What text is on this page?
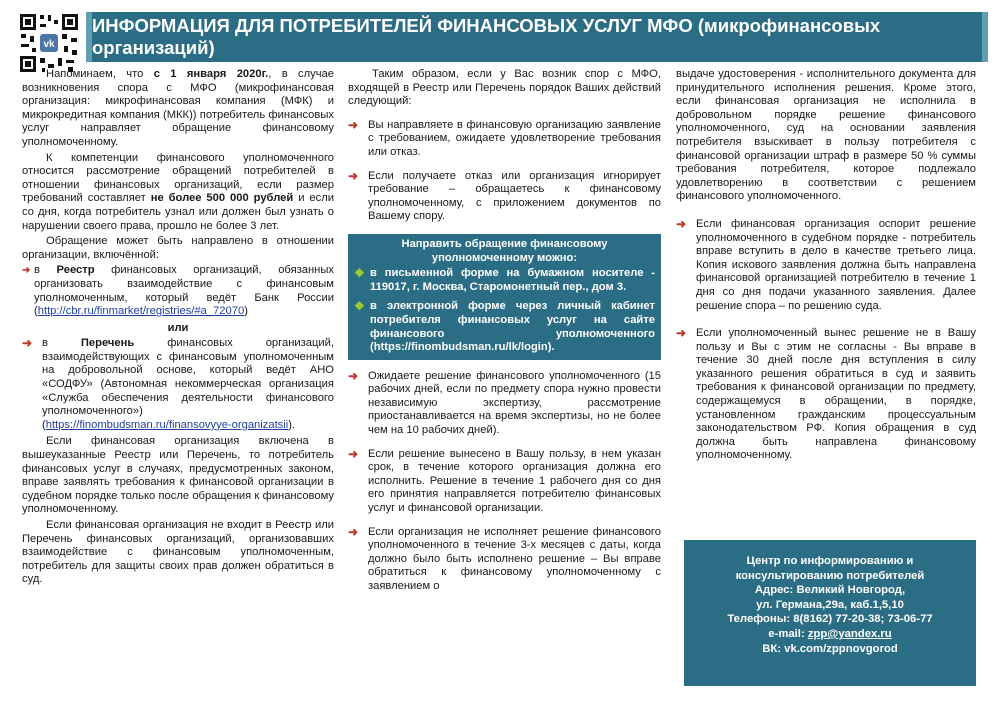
vk
ИНФОРМАЦИЯ ДЛЯ ПОТРЕБИТЕЛЕЙ ФИНАНСОВЫХ УСЛУГ МФО (микрофинансовых организаций)

Напоминаем, что с 1 января 2020г., в случае возникновения спора с МФО (микрофинансовая организация: микрофинансовая компания (МФК) и микрокредитная компания (МКК)) потребитель финансовых услуг направляет обращение финансовому уполномоченному.

К компетенции финансового уполномоченного относится рассмотрение обращений потребителей в отношении финансовых организаций, если размер требований составляет не более 500 000 рублей и если со дня, когда потребитель узнал или должен был узнать о нарушении своего права, прошло не более 3 лет.

Обращение может быть направлено в отношении организации, включённой:

➜ в Реестр финансовых организаций, обязанных организовать взаимодействие с финансовым уполномоченным, который ведёт Банк России (http://cbr.ru/finmarket/registries/#a_72070)

или

➜ в Перечень финансовых организаций, взаимодействующих с финансовым уполномоченным на добровольной основе, который ведёт АНО «СОДФУ» (Автономная некоммерческая организация «Служба обеспечения деятельности финансового уполномоченного») (https://finombudsman.ru/finansovyye-organizatsii).

Если финансовая организация включена в вышеуказанные Реестр или Перечень, то потребитель финансовых услуг в случаях, предусмотренных законом, вправе заявлять требования к финансовой организации в судебном порядке только после обращения к финансовому уполномоченному.

Если финансовая организация не входит в Реестр или Перечень финансовых организаций, организовавших взаимодействие с финансовым уполномоченным, потребитель для защиты своих прав должен обратиться в суд.

Таким образом, если у Вас возник спор с МФО, входящей в Реестр или Перечень порядок Ваших действий следующий:

➜ Вы направляете в финансовую организацию заявление с требованием, ожидаете удовлетворение требования или отказ.
➜ Если получаете отказ или организация игнорирует требование – обращаетесь к финансовому уполномоченному, с приложением документов по Вашему спору.
Направить обращение финансовому уполномоченному можно:
❖ в письменной форме на бумажном носителе - 119017, г. Москва, Старомонетный пер., дом 3.
❖ в электронной форме через личный кабинет потребителя финансовых услуг на сайте финансового уполномоченного (https://finombudsman.ru/lk/login).
➜ Ожидаете решение финансового уполномоченного (15 рабочих дней, если по предмету спора нужно провести независимую экспертизу, рассмотрение приостанавливается на время экспертизы, но не более чем на 10 рабочих дней).
➜ Если решение вынесено в Вашу пользу, в нем указан срок, в течение которого организация должна его исполнить. Решение в течение 1 рабочего дня со дня его принятия направляется потребителю финансовых услуг и финансовой организации.
➜ Если организация не исполняет решение финансового уполномоченного в течение 3-х месяцев с даты, когда должно было быть исполнено решение – Вы вправе обратиться к финансовому уполномоченному с заявлением о

выдаче удостоверения - исполнительного документа для принудительного исполнения решения. Кроме этого, если финансовая организация не исполнила в добровольном порядке решение финансового уполномоченного, суд на основании заявления потребителя взыскивает в пользу потребителя с финансовой организации штраф в размере 50 % суммы требования потребителя, которое подлежало удовлетворению в соответствии с решением финансового уполномоченного.

➜ Если финансовая организация оспорит решение уполномоченного в судебном порядке - потребитель вправе вступить в дело в качестве третьего лица. Копия искового заявления должна быть направлена финансовой организацией потребителю в течение 1 дня со дня подачи указанного заявления. Далее решение спора – по решению суда.
➜ Если уполномоченный вынес решение не в Вашу пользу и Вы с этим не согласны - Вы вправе в течение 30 дней после дня вступления в силу указанного решения обратиться в суд и заявить требования к финансовой организации по предмету, содержащемуся в обращении, в порядке, установленном гражданским процессуальным законодательством РФ. Копия обращения в суд должна быть направлена финансовому уполномоченному.
Центр по информированию и
консультированию потребителей
Адрес: Великий Новгород,
ул. Германа,29а, каб.1,5,10
Телефоны: 8(8162) 77-20-38; 73-06-77
e-mail: zpp@yandex.ru
ВК: vk.com/zppnovgorod
